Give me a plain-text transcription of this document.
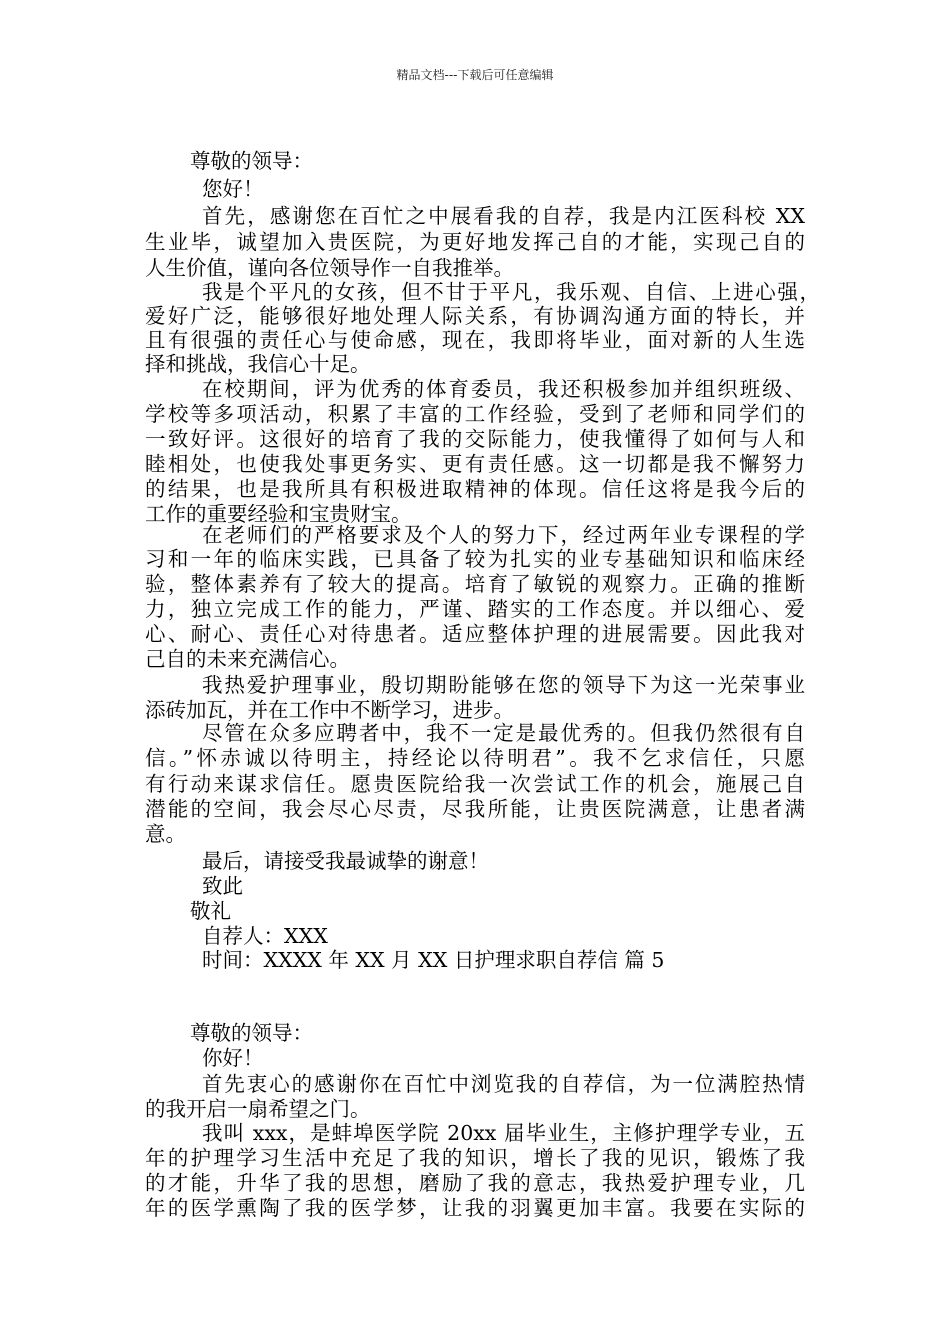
精品文档---下载后可任意编辑
尊敬的领导：
您好！
首先，感谢您在百忙之中展看我的自荐，我是内江医科校 XX
生业毕，诚望加入贵医院，为更好地发挥己自的才能，实现己自的
人生价值，谨向各位领导作一自我推举。
我是个平凡的女孩，但不甘于平凡，我乐观、自信、上进心强，
爱好广泛，能够很好地处理人际关系，有协调沟通方面的特长，并
且有很强的责任心与使命感，现在，我即将毕业，面对新的人生选
择和挑战，我信心十足。
在校期间，评为优秀的体育委员，我还积极参加并组织班级、
学校等多项活动，积累了丰富的工作经验，受到了老师和同学们的
一致好评。这很好的培育了我的交际能力，使我懂得了如何与人和
睦相处，也使我处事更务实、更有责任感。这一切都是我不懈努力
的结果，也是我所具有积极进取精神的体现。信任这将是我今后的
工作的重要经验和宝贵财宝。
在老师们的严格要求及个人的努力下，经过两年业专课程的学
习和一年的临床实践，已具备了较为扎实的业专基础知识和临床经
验，整体素养有了较大的提高。培育了敏锐的观察力。正确的推断
力，独立完成工作的能力，严谨、踏实的工作态度。并以细心、爱
心、耐心、责任心对待患者。适应整体护理的进展需要。因此我对
己自的未来充满信心。
我热爱护理事业，殷切期盼能够在您的领导下为这一光荣事业
添砖加瓦，并在工作中不断学习，进步。
尽管在众多应聘者中，我不一定是最优秀的。但我仍然很有自
信。”怀赤诚以待明主，持经论以待明君”。我不乞求信任，只愿
有行动来谋求信任。愿贵医院给我一次尝试工作的机会，施展己自
潜能的空间，我会尽心尽责，尽我所能，让贵医院满意，让患者满
意。
最后，请接受我最诚挚的谢意！
致此
敬礼
自荐人：XXX
时间：XXXX 年 XX 月 XX 日护理求职自荐信 篇 5
尊敬的领导：
你好！
首先衷心的感谢你在百忙中浏览我的自荐信，为一位满腔热情
的我开启一扇希望之门。
我叫 xxx，是蚌埠医学院 20xx 届毕业生，主修护理学专业，五
年的护理学习生活中充足了我的知识，增长了我的见识，锻炼了我
的才能，升华了我的思想，磨励了我的意志，我热爱护理专业，几
年的医学熏陶了我的医学梦，让我的羽翼更加丰富。我要在实际的
